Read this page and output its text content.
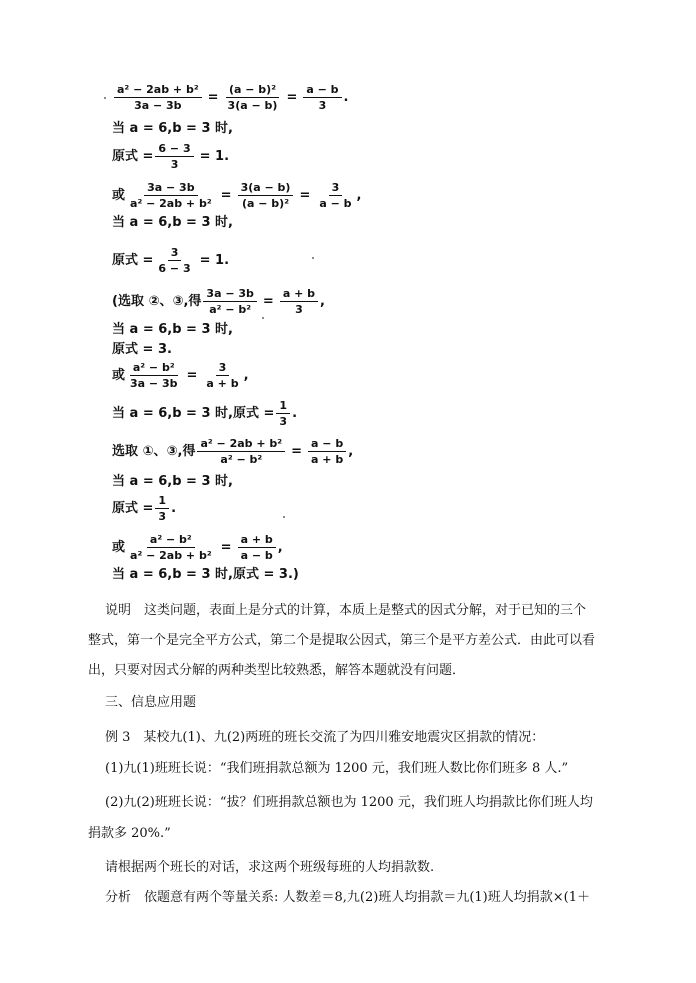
$\frac{\text{a² − 2ab + b²}}{3a - 3b} = \frac{\text{(a − b)²}}{3(a - b)} = \frac{a - b}{3}$ .
当 a = 6,b = 3 时,
原式 = $\frac{6 - 3}{3} = 1$.
或 $\frac{3a - 3b}{\text{a² − 2ab + b²}} = \frac{3(a - b)}{\text{(a − b)²}} = \frac{3}{a - b}$ ,
当 a = 6,b = 3 时,
原式 = $\frac{3}{6 - 3} = 1$.
(选取 ②、③,得 $\frac{3a - 3b}{\text{a² − b²}} = \frac{a + b}{3}$ ,
当 a = 6,b = 3 时,
原式 = 3.
或 $\frac{\text{a² − b²}}{3a - 3b} = \frac{3}{a + b}$ ,
当 a = 6,b = 3 时,原式 = $\frac{1}{3}$ .
选取 ①、③,得 $\frac{\text{a² − 2ab + b²}}{\text{a² − b²}} = \frac{a - b}{a + b}$ ,
当 a = 6,b = 3 时,
原式 = $\frac{1}{3}$ .
或 $\frac{\text{a² − b²}}{\text{a² − 2ab + b²}} = \frac{a + b}{a - b}$ ,
当 a = 6,b = 3 时,原式 = 3.)
说明　这类问题，表面上是分式的计算，本质上是整式的因式分解，对于已知的三个
整式，第一个是完全平方公式，第二个是提取公因式，第三个是平方差公式．由此可以看
出，只要对因式分解的两种类型比较熟悉，解答本题就没有问题．
三、信息应用题
例 3　某校九(1)、九(2)两班的班长交流了为四川雅安地震灾区捐款的情况：
(1)九(1)班班长说：“我们班捐款总额为 1200 元，我们班人数比你们班多 8 人.”
(2)九(2)班班长说：“拔？们班捐款总额也为 1200 元，我们班人均捐款比你们班人均
捐款多 20%.”
请根据两个班长的对话，求这两个班级每班的人均捐款数.
分析　依题意有两个等量关系: 人数差＝8,九(2)班人均捐款＝九(1)班人均捐款×(1＋
